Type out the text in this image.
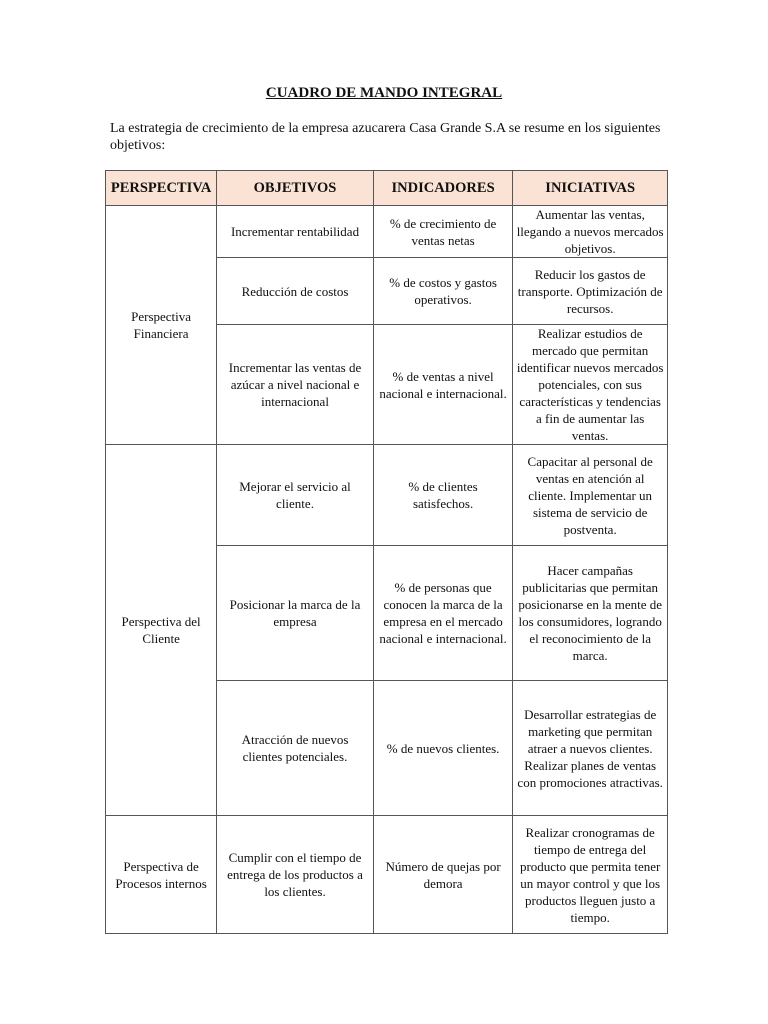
CUADRO DE MANDO INTEGRAL
La estrategia de crecimiento de la empresa azucarera Casa Grande S.A se resume en los siguientes objetivos:
PERSPECTIVA	OBJETIVOS	INDICADORES	INICIATIVAS
Perspectiva Financiera	Incrementar rentabilidad	% de crecimiento de ventas netas	Aumentar las ventas, llegando a nuevos mercados objetivos.
	Reducción de costos	% de costos y gastos operativos.	Reducir los gastos de transporte. Optimización de recursos.
	Incrementar las ventas de azúcar a nivel nacional e internacional	% de ventas a nivel nacional e internacional.	Realizar estudios de mercado que permitan identificar nuevos mercados potenciales, con sus características y tendencias a fin de aumentar las ventas.
Perspectiva del Cliente	Mejorar el servicio al cliente.	% de clientes satisfechos.	Capacitar al personal de ventas en atención al cliente. Implementar un sistema de servicio de postventa.
	Posicionar la marca de la empresa	% de personas que conocen la marca de la empresa en el mercado nacional e internacional.	Hacer campañas publicitarias que permitan posicionarse en la mente de los consumidores, logrando el reconocimiento de la marca.
	Atracción de nuevos clientes potenciales.	% de nuevos clientes.	Desarrollar estrategias de marketing que permitan atraer a nuevos clientes. Realizar planes de ventas con promociones atractivas.
Perspectiva de Procesos internos	Cumplir con el tiempo de entrega de los productos a los clientes.	Número de quejas por demora	Realizar cronogramas de tiempo de entrega del producto que permita tener un mayor control y que los productos lleguen justo a tiempo.
